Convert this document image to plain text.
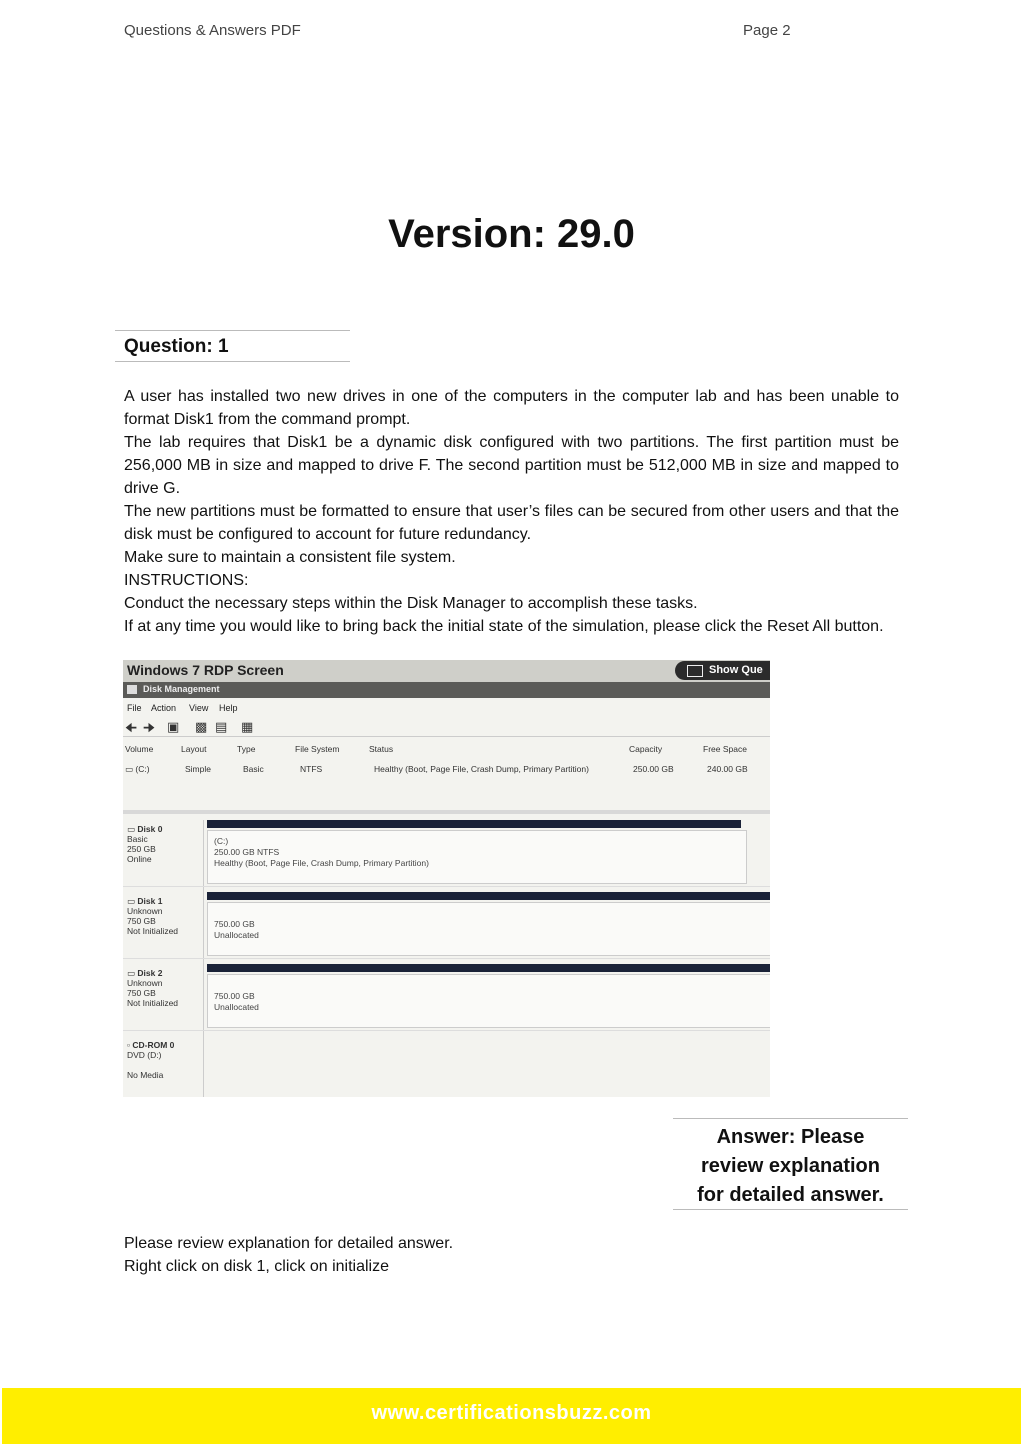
Questions & Answers PDF	Page 2
Version: 29.0
Question: 1

A user has installed two new drives in one of the computers in the computer lab and has been unable to format Disk1 from the command prompt.

The lab requires that Disk1 be a dynamic disk configured with two partitions. The first partition must be 256,000 MB in size and mapped to drive F. The second partition must be 512,000 MB in size and mapped to drive G.

The new partitions must be formatted to ensure that user’s files can be secured from other users and that the disk must be configured to account for future redundancy.

Make sure to maintain a consistent file system.

INSTRUCTIONS:

Conduct the necessary steps within the Disk Manager to accomplish these tasks.

If at any time you would like to bring back the initial state of the simulation, please click the Reset All button.

Windows 7 RDP Screen	Show Que
Disk Management
File Action View Help
🠈 🠊 ▣ ▩ ▤ ▦
Volume	Layout	Type	File System	Status	Capacity	Free Space
▭ (C:)	Simple	Basic	NTFS	Healthy (Boot, Page File, Crash Dump, Primary Partition)	250.00 GB	240.00 GB
▭ Disk 0
Basic
250 GB
Online
(C:)
250.00 GB NTFS
Healthy (Boot, Page File, Crash Dump, Primary Partition)
▭ Disk 1
Unknown
750 GB
Not Initialized
750.00 GB
Unallocated
▭ Disk 2
Unknown
750 GB
Not Initialized
750.00 GB
Unallocated
▫ CD-ROM 0
DVD (D:)

No Media
Answer: Please
review explanation
for detailed answer.

Please review explanation for detailed answer.

Right click on disk 1, click on initialize

www.certificationsbuzz.com
